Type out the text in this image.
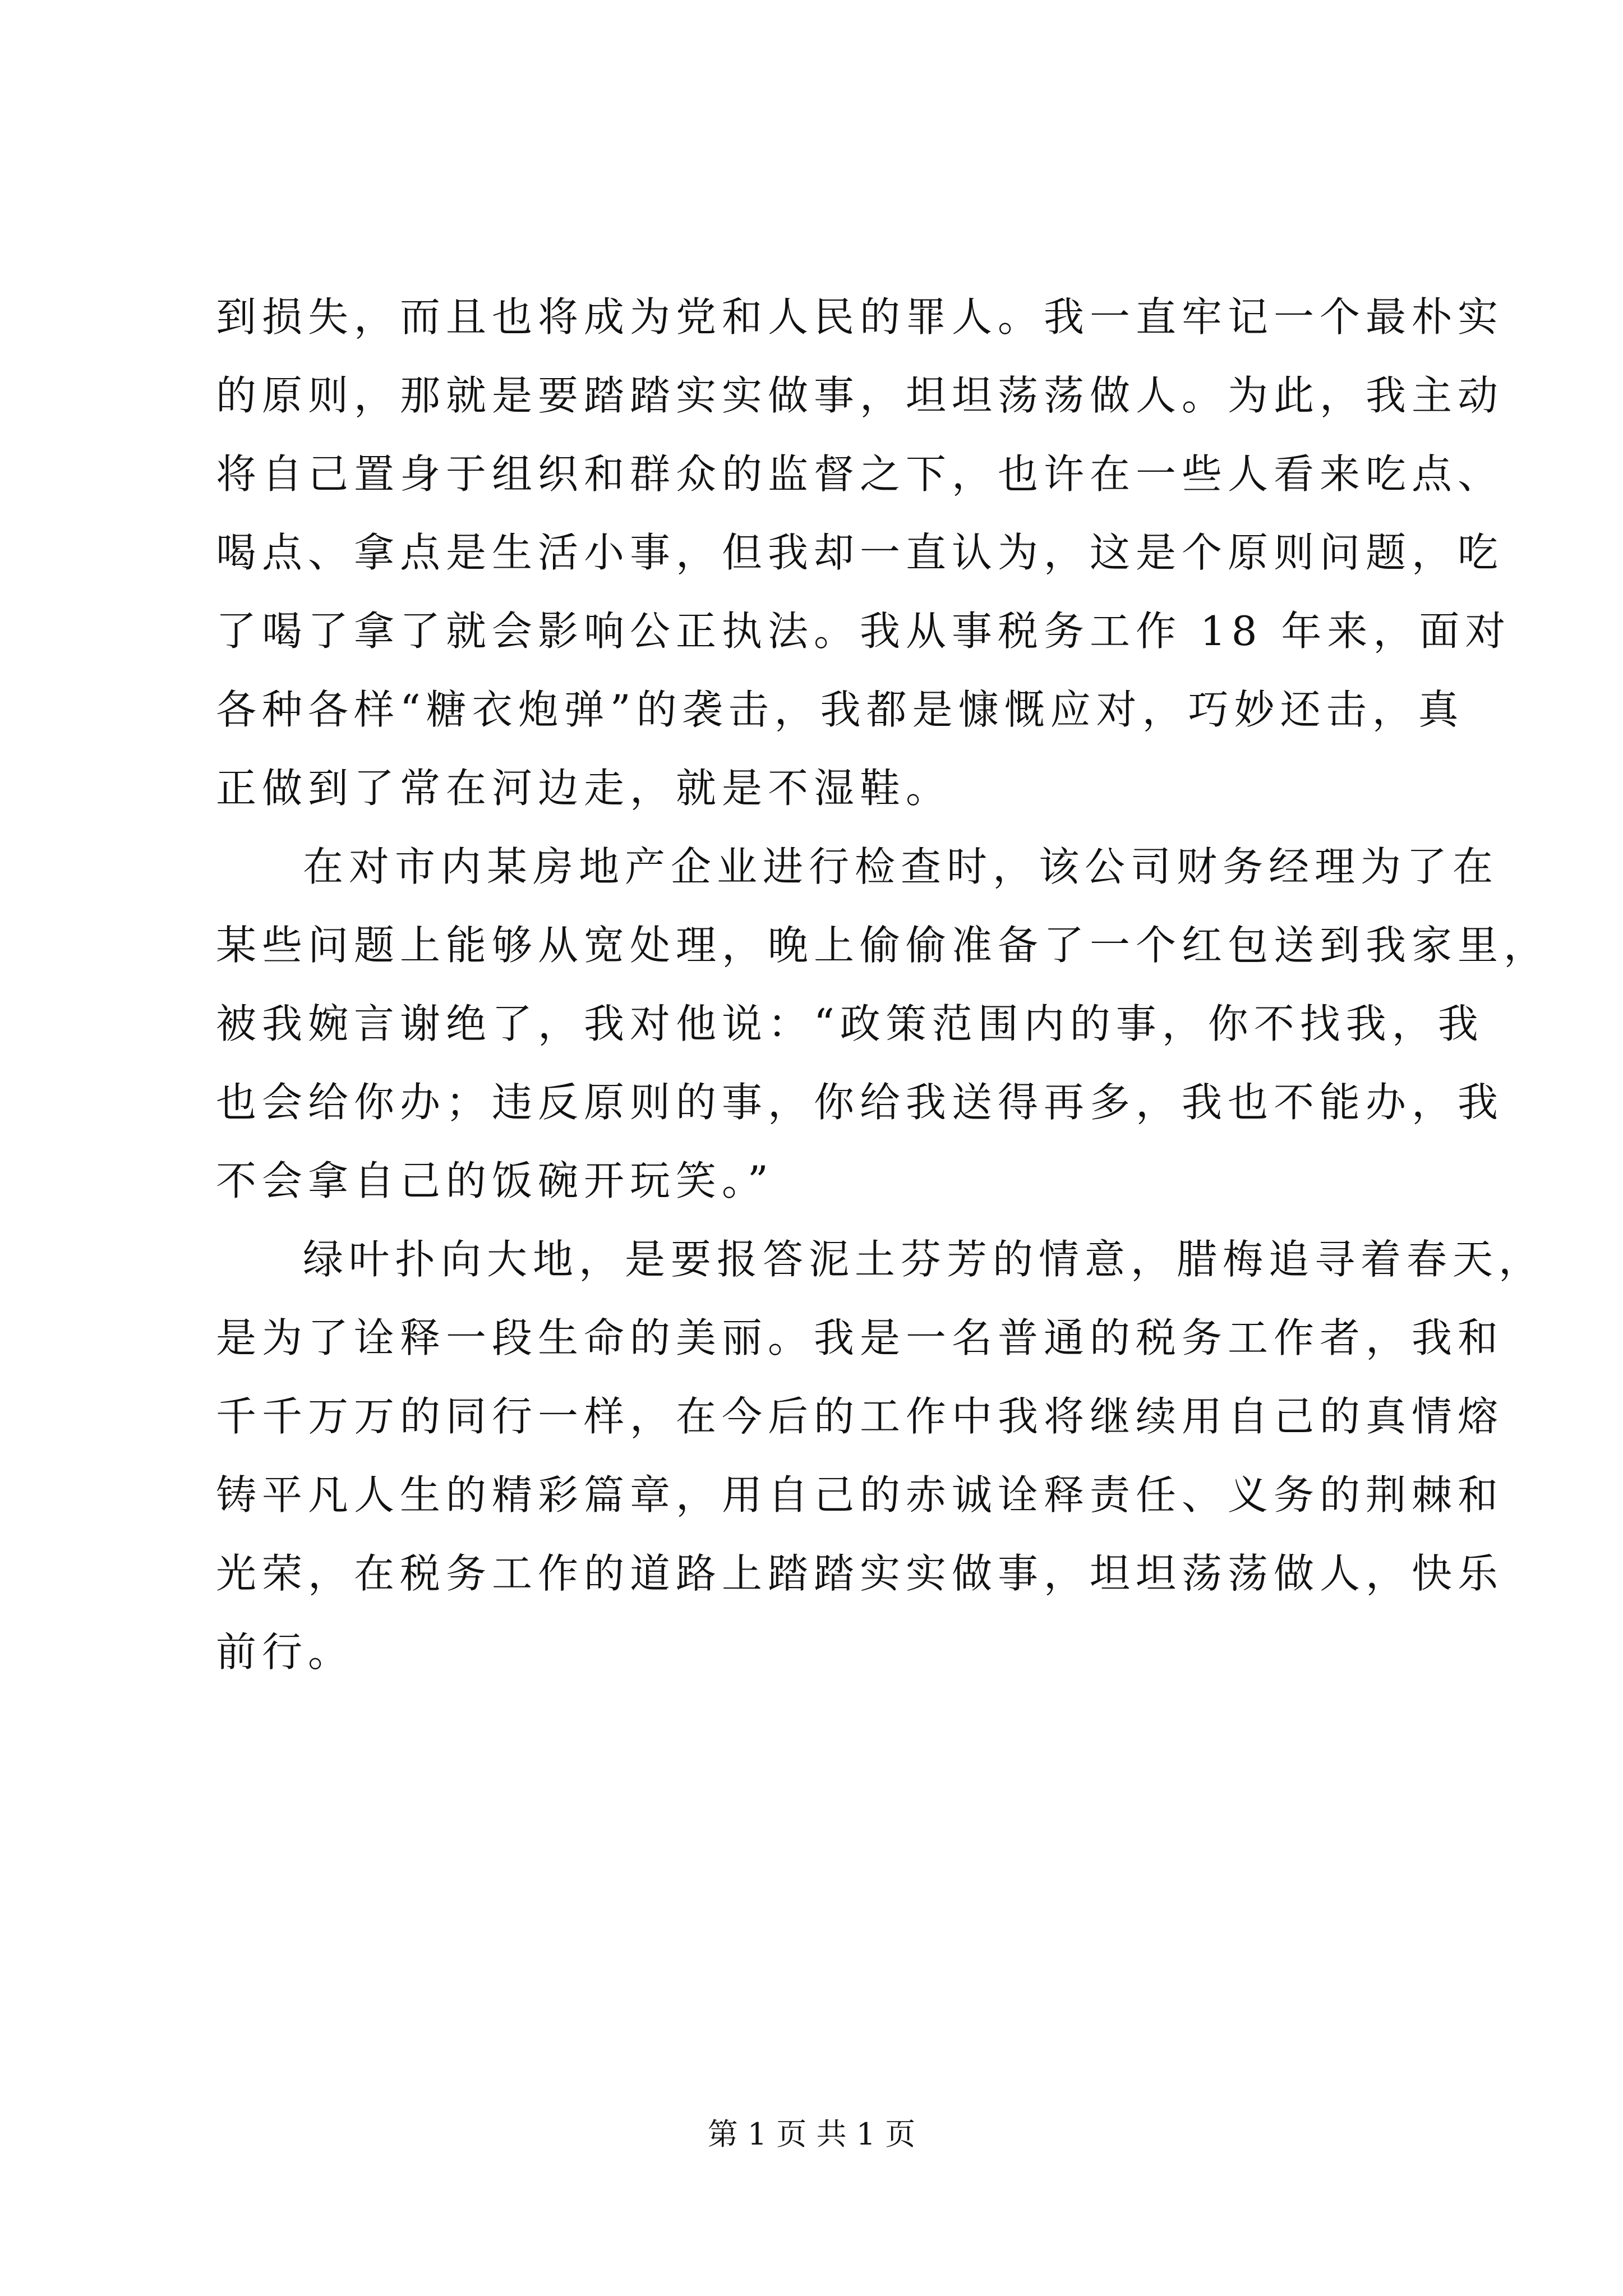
到损失，而且也将成为党和人民的罪人。我一直牢记一个最朴实
的原则，那就是要踏踏实实做事，坦坦荡荡做人。为此，我主动
将自己置身于组织和群众的监督之下，也许在一些人看来吃点、
喝点、拿点是生活小事，但我却一直认为，这是个原则问题，吃
了喝了拿了就会影响公正执法。我从事税务工作 18 年来，面对
各种各样“糖衣炮弹”的袭击，我都是慷慨应对，巧妙还击，真
正做到了常在河边走，就是不湿鞋。
在对市内某房地产企业进行检查时，该公司财务经理为了在
某些问题上能够从宽处理，晚上偷偷准备了一个红包送到我家里，
被我婉言谢绝了，我对他说：“政策范围内的事，你不找我，我
也会给你办；违反原则的事，你给我送得再多，我也不能办，我
不会拿自己的饭碗开玩笑。”
绿叶扑向大地，是要报答泥土芬芳的情意，腊梅追寻着春天，
是为了诠释一段生命的美丽。我是一名普通的税务工作者，我和
千千万万的同行一样，在今后的工作中我将继续用自己的真情熔
铸平凡人生的精彩篇章，用自己的赤诚诠释责任、义务的荆棘和
光荣，在税务工作的道路上踏踏实实做事，坦坦荡荡做人，快乐
前行。
第 1 页 共 1 页
